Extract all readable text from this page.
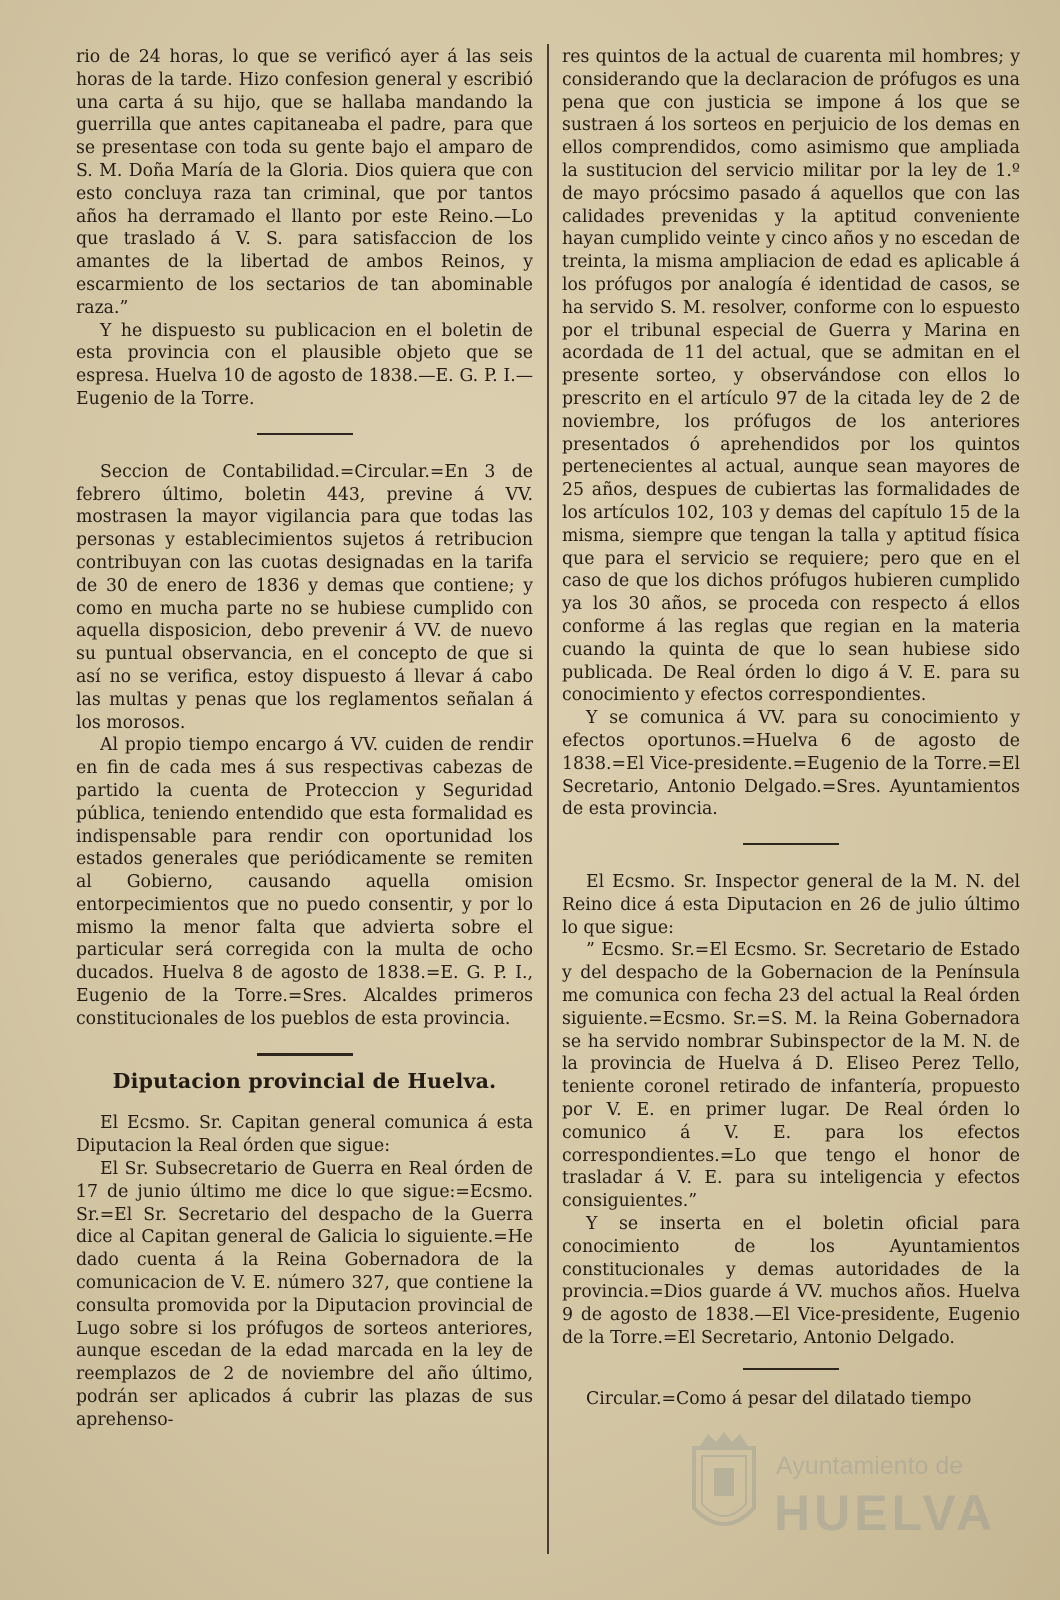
rio de 24 horas, lo que se verificó ayer á las seis horas de la tarde. Hizo confesion general y escribió una carta á su hijo, que se hallaba mandando la guerrilla que antes capitaneaba el padre, para que se presentase con toda su gente bajo el amparo de S. M. Doña María de la Gloria. Dios quiera que con esto concluya raza tan criminal, que por tantos años ha derramado el llanto por este Reino.—Lo que traslado á V. S. para satisfaccion de los amantes de la libertad de ambos Reinos, y escarmiento de los sectarios de tan abominable raza.”

Y he dispuesto su publicacion en el boletin de esta provincia con el plausible objeto que se espresa. Huelva 10 de agosto de 1838.—E. G. P. I.—Eugenio de la Torre.

Seccion de Contabilidad.=Circular.=En 3 de febrero último, boletin 443, previne á VV. mostrasen la mayor vigilancia para que todas las personas y establecimientos sujetos á retribucion contribuyan con las cuotas designadas en la tarifa de 30 de enero de 1836 y demas que contiene; y como en mucha parte no se hubiese cumplido con aquella disposicion, debo prevenir á VV. de nuevo su puntual observancia, en el concepto de que si así no se verifica, estoy dispuesto á llevar á cabo las multas y penas que los reglamentos señalan á los morosos.

Al propio tiempo encargo á VV. cuiden de rendir en fin de cada mes á sus respectivas cabezas de partido la cuenta de Proteccion y Seguridad pública, teniendo entendido que esta formalidad es indispensable para rendir con oportunidad los estados generales que periódicamente se remiten al Gobierno, causando aquella omision entorpecimientos que no puedo consentir, y por lo mismo la menor falta que advierta sobre el particular será corregida con la multa de ocho ducados. Huelva 8 de agosto de 1838.=E. G. P. I., Eugenio de la Torre.=Sres. Alcaldes primeros constitucionales de los pueblos de esta provincia.

Diputacion provincial de Huelva.

El Ecsmo. Sr. Capitan general comunica á esta Diputacion la Real órden que sigue:

El Sr. Subsecretario de Guerra en Real órden de 17 de junio último me dice lo que sigue:=Ecsmo. Sr.=El Sr. Secretario del despacho de la Guerra dice al Capitan general de Galicia lo siguiente.=He dado cuenta á la Reina Gobernadora de la comunicacion de V. E. número 327, que contiene la consulta promovida por la Diputacion provincial de Lugo sobre si los prófugos de sorteos anteriores, aunque escedan de la edad marcada en la ley de reemplazos de 2 de noviembre del año último, podrán ser aplicados á cubrir las plazas de sus aprehenso-

res quintos de la actual de cuarenta mil hombres; y considerando que la declaracion de prófugos es una pena que con justicia se impone á los que se sustraen á los sorteos en perjuicio de los demas en ellos comprendidos, como asimismo que ampliada la sustitucion del servicio militar por la ley de 1.º de mayo prócsimo pasado á aquellos que con las calidades prevenidas y la aptitud conveniente hayan cumplido veinte y cinco años y no escedan de treinta, la misma ampliacion de edad es aplicable á los prófugos por analogía é identidad de casos, se ha servido S. M. resolver, conforme con lo espuesto por el tribunal especial de Guerra y Marina en acordada de 11 del actual, que se admitan en el presente sorteo, y observándose con ellos lo prescrito en el artículo 97 de la citada ley de 2 de noviembre, los prófugos de los anteriores presentados ó aprehendidos por los quintos pertenecientes al actual, aunque sean mayores de 25 años, despues de cubiertas las formalidades de los artículos 102, 103 y demas del capítulo 15 de la misma, siempre que tengan la talla y aptitud física que para el servicio se requiere; pero que en el caso de que los dichos prófugos hubieren cumplido ya los 30 años, se proceda con respecto á ellos conforme á las reglas que regian en la materia cuando la quinta de que lo sean hubiese sido publicada. De Real órden lo digo á V. E. para su conocimiento y efectos correspondientes.

Y se comunica á VV. para su conocimiento y efectos oportunos.=Huelva 6 de agosto de 1838.=El Vice-presidente.=Eugenio de la Torre.=El Secretario, Antonio Delgado.=Sres. Ayuntamientos de esta provincia.

El Ecsmo. Sr. Inspector general de la M. N. del Reino dice á esta Diputacion en 26 de julio último lo que sigue:

” Ecsmo. Sr.=El Ecsmo. Sr. Secretario de Estado y del despacho de la Gobernacion de la Península me comunica con fecha 23 del actual la Real órden siguiente.=Ecsmo. Sr.=S. M. la Reina Gobernadora se ha servido nombrar Subinspector de la M. N. de la provincia de Huelva á D. Eliseo Perez Tello, teniente coronel retirado de infantería, propuesto por V. E. en primer lugar. De Real órden lo comunico á V. E. para los efectos correspondientes.=Lo que tengo el honor de trasladar á V. E. para su inteligencia y efectos consiguientes.”

Y se inserta en el boletin oficial para conocimiento de los Ayuntamientos constitucionales y demas autoridades de la provincia.=Dios guarde á VV. muchos años. Huelva 9 de agosto de 1838.—El Vice-presidente, Eugenio de la Torre.=El Secretario, Antonio Delgado.

Circular.=Como á pesar del dilatado tiempo

Ayuntamiento de
HUELVA
